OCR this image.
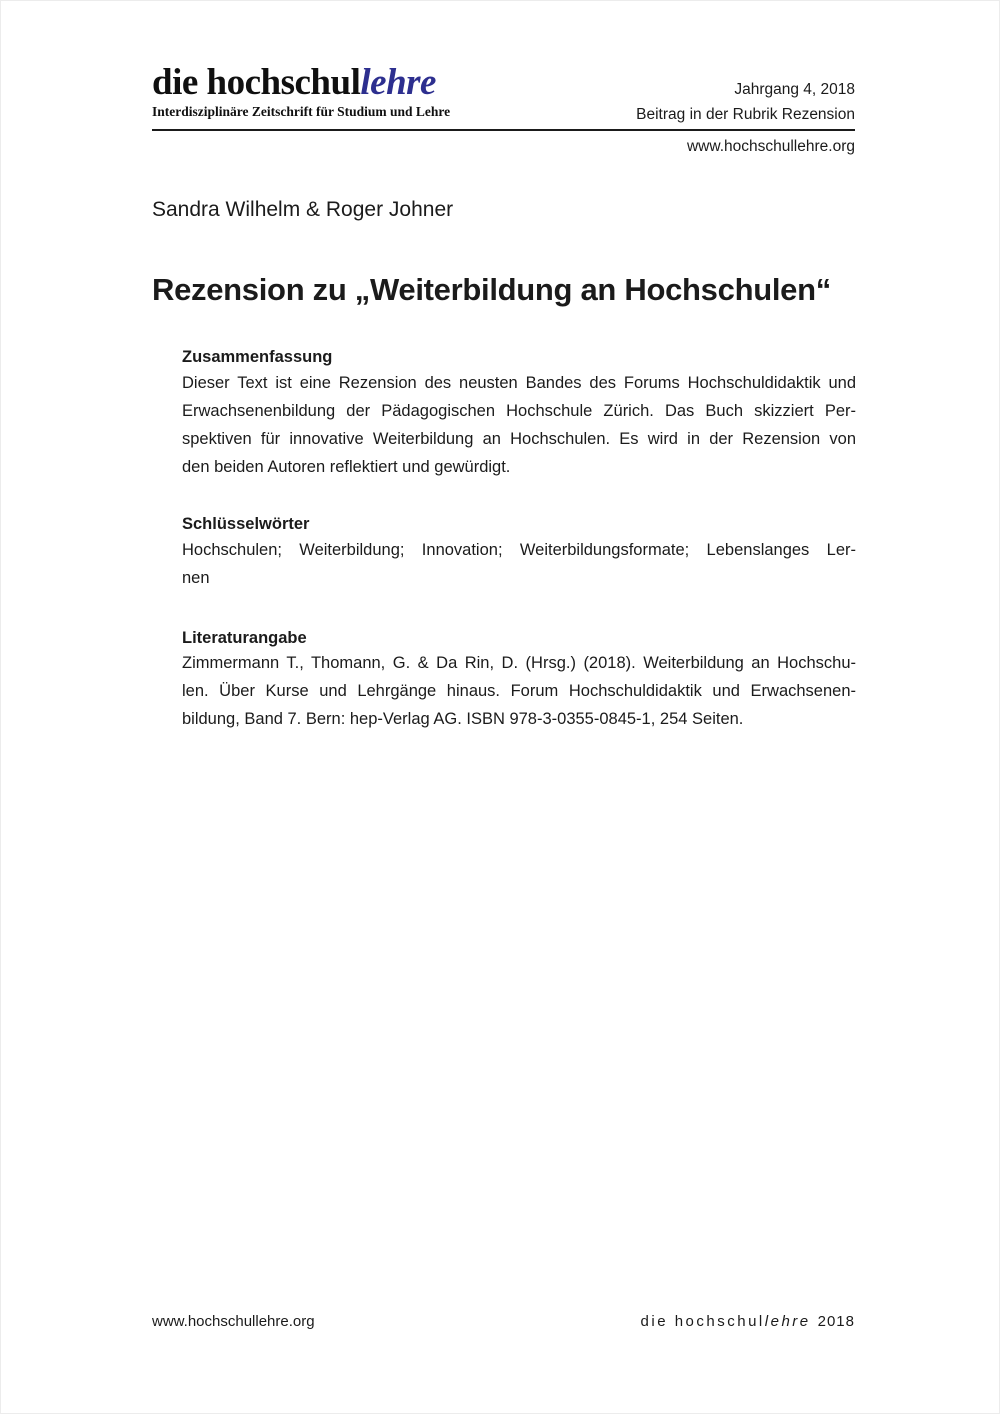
die hochschullehre
Interdisziplinäre Zeitschrift für Studium und Lehre
Jahrgang 4, 2018
Beitrag in der Rubrik Rezension
www.hochschullehre.org
Sandra Wilhelm & Roger Johner
Rezension zu „Weiterbildung an Hochschulen“
Zusammenfassung
Dieser Text ist eine Rezension des neusten Bandes des Forums Hochschuldidaktik und
Erwachsenenbildung der Pädagogischen Hochschule Zürich. Das Buch skizziert Per-
spektiven für innovative Weiterbildung an Hochschulen. Es wird in der Rezension von
den beiden Autoren reflektiert und gewürdigt.
Schlüsselwörter
Hochschulen; Weiterbildung; Innovation; Weiterbildungsformate; Lebenslanges Ler-
nen
Literaturangabe
Zimmermann T., Thomann, G. & Da Rin, D. (Hrsg.) (2018). Weiterbildung an Hochschu-
len. Über Kurse und Lehrgänge hinaus. Forum Hochschuldidaktik und Erwachsenen-
bildung, Band 7. Bern: hep-Verlag AG. ISBN 978-3-0355-0845-1, 254 Seiten.
www.hochschullehre.org	die hochschullehre 2018
